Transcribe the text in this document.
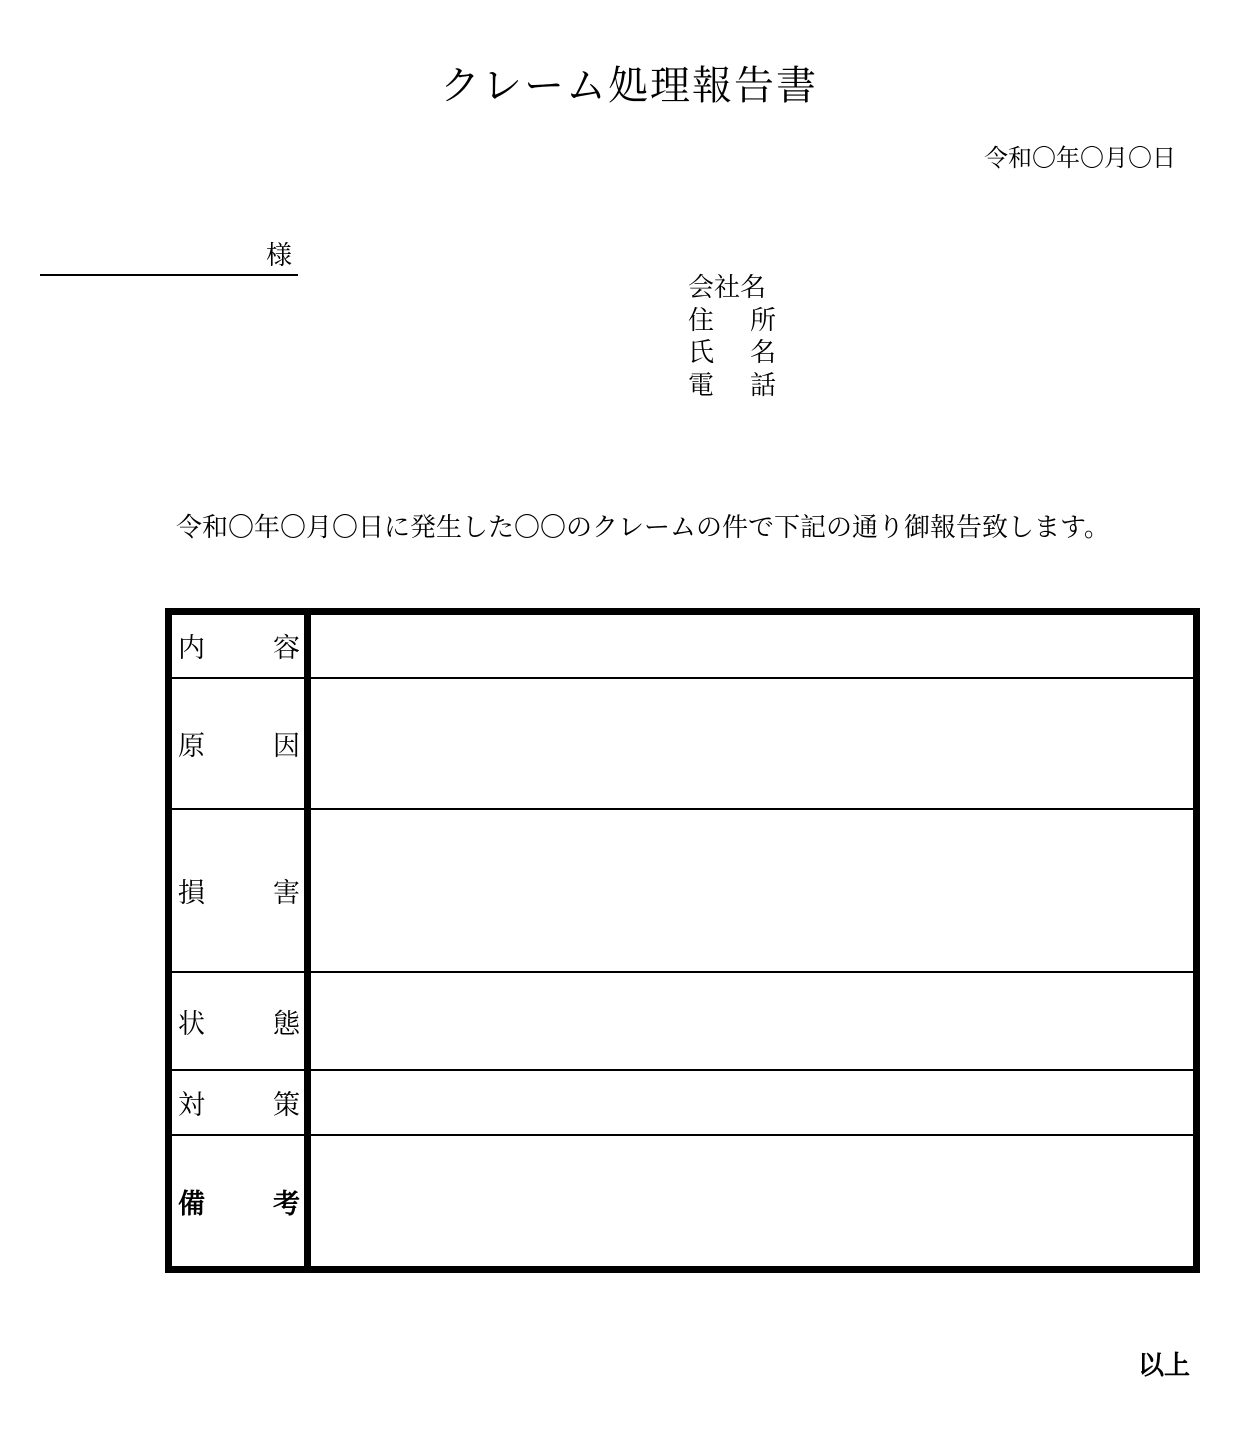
クレーム処理報告書
令和〇年〇月〇日
様
会社名
住 所
氏 名
電 話
令和〇年〇月〇日に発生した〇〇のクレームの件で下記の通り御報告致します。
内 容	

原 因	

損 害	

状 態	

対 策	

備 考	

以上
